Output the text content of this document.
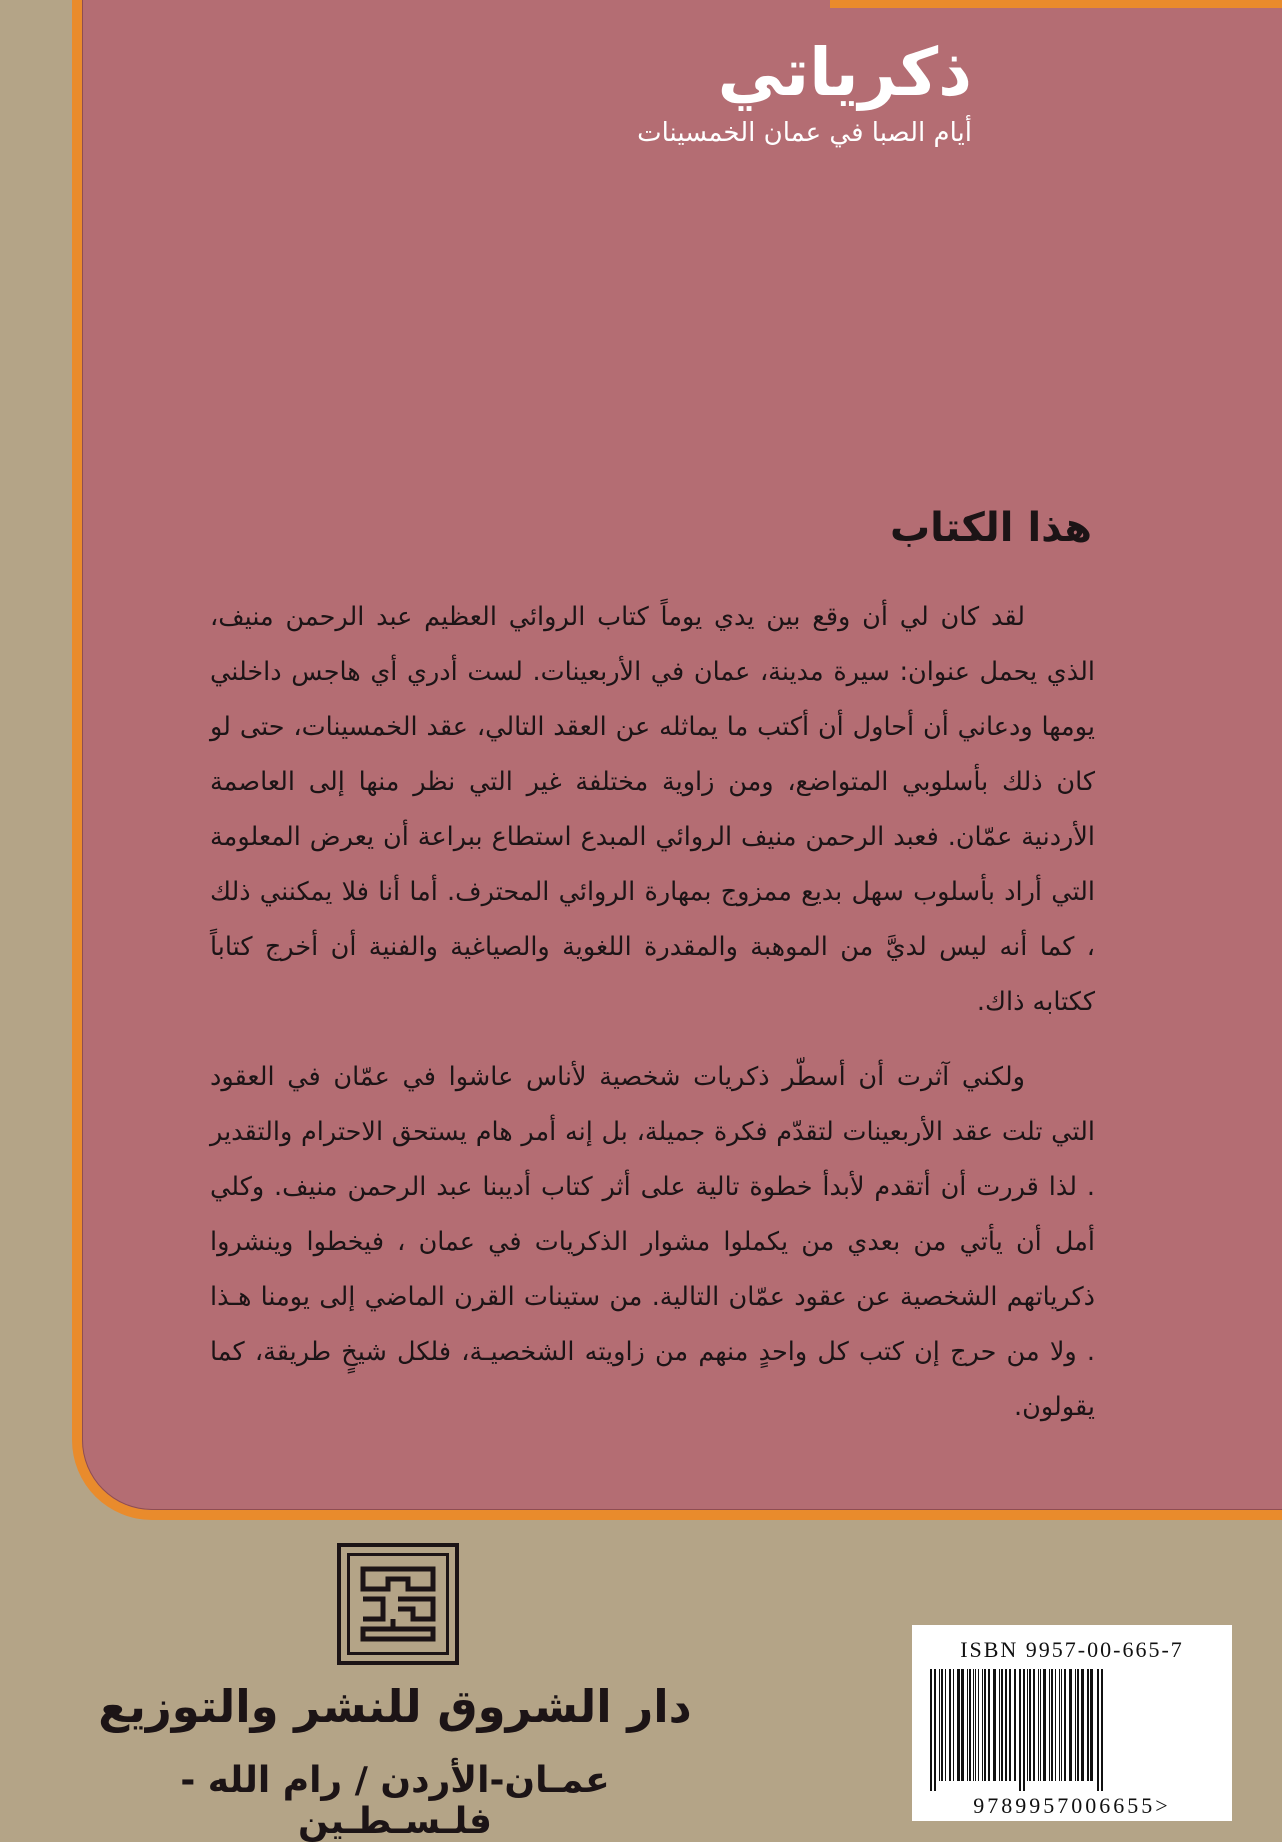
ذكرياتي
أيام الصبا في عمان الخمسينات
هذا الكتاب

لقد كان لي أن وقع بين يدي يوماً كتاب الروائي العظيم عبد الرحمن منيف، الذي يحمل عنوان: سيرة مدينة، عمان في الأربعينات. لست أدري أي هاجس داخلني يومها ودعاني أن أحاول أن أكتب ما يماثله عن العقد التالي، عقد الخمسينات، حتى لو كان ذلك بأسلوبي المتواضع، ومن زاوية مختلفة غير التي نظر منها إلى العاصمة الأردنية عمّان. فعبد الرحمن منيف الروائي المبدع استطاع ببراعة أن يعرض المعلومة التي أراد بأسلوب سهل بديع ممزوج بمهارة الروائي المحترف. أما أنا فلا يمكنني ذلك ، كما أنه ليس لديَّ من الموهبة والمقدرة اللغوية والصياغية والفنية أن أخرج كتاباً ككتابه ذاك.

ولكني آثرت أن أسطّر ذكريات شخصية لأناس عاشوا في عمّان في العقود التي تلت عقد الأربعينات لتقدّم فكرة جميلة، بل إنه أمر هام يستحق الاحترام والتقدير . لذا قررت أن أتقدم لأبدأ خطوة تالية على أثر كتاب أديبنا عبد الرحمن منيف. وكلي أمل أن يأتي من بعدي من يكملوا مشوار الذكريات في عمان ، فيخطوا وينشروا ذكرياتهم الشخصية عن عقود عمّان التالية. من ستينات القرن الماضي إلى يومنا هـذا . ولا من حرج إن كتب كل واحدٍ منهم من زاويته الشخصيـة، فلكل شيخٍ طريقة، كما يقولون.

دار الشروق للنشر والتوزيع
عمـان-الأردن / رام الله - فلـسـطـين
ISBN 9957-00-665-7
9789957006655>
